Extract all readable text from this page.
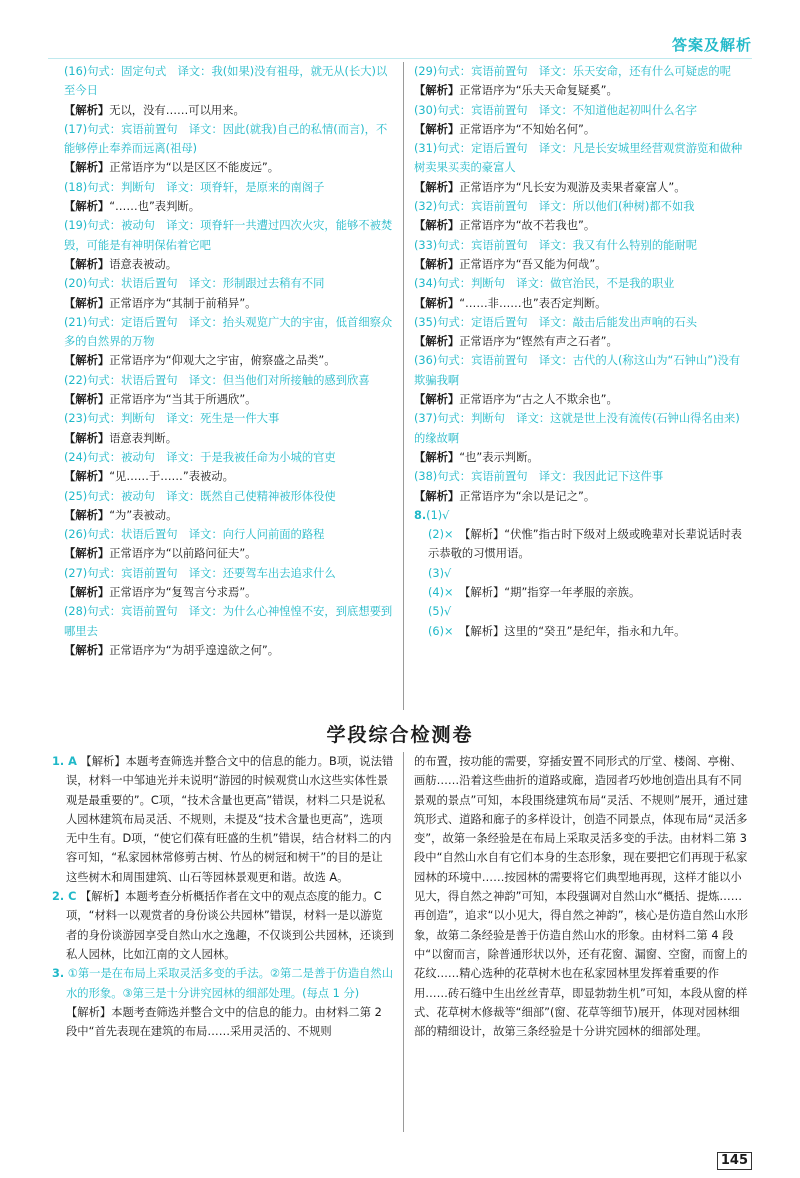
答案及解析

(16)句式：固定句式　译文：我(如果)没有祖母，就无从(长大)以至今日

【解析】无以，没有……可以用来。

(17)句式：宾语前置句　译文：因此(就我)自己的私情(而言)，不能够停止奉养而远离(祖母)

【解析】正常语序为“以是区区不能废远”。

(18)句式：判断句　译文：项脊轩，是原来的南阁子

【解析】“……也”表判断。

(19)句式：被动句　译文：项脊轩一共遭过四次火灾，能够不被焚毁，可能是有神明保佑着它吧

【解析】语意表被动。

(20)句式：状语后置句　译文：形制跟过去稍有不同

【解析】正常语序为“其制于前稍异”。

(21)句式：定语后置句　译文：抬头观览广大的宇宙，低首细察众多的自然界的万物

【解析】正常语序为“仰观大之宇宙，俯察盛之品类”。

(22)句式：状语后置句　译文：但当他们对所接触的感到欣喜

【解析】正常语序为“当其于所遇欣”。

(23)句式：判断句　译文：死生是一件大事

【解析】语意表判断。

(24)句式：被动句　译文：于是我被任命为小城的官吏

【解析】“见……于……”表被动。

(25)句式：被动句　译文：既然自己使精神被形体役使

【解析】“为”表被动。

(26)句式：状语后置句　译文：向行人问前面的路程

【解析】正常语序为“以前路问征夫”。

(27)句式：宾语前置句　译文：还要驾车出去追求什么

【解析】正常语序为“复驾言兮求焉”。

(28)句式：宾语前置句　译文：为什么心神惶惶不安，到底想要到哪里去

【解析】正常语序为“为胡乎遑遑欲之何”。

(29)句式：宾语前置句　译文：乐天安命，还有什么可疑虑的呢

【解析】正常语序为“乐夫天命复疑奚”。

(30)句式：宾语前置句　译文：不知道他起初叫什么名字

【解析】正常语序为“不知始名何”。

(31)句式：定语后置句　译文：凡是长安城里经营观赏游览和做种树卖果买卖的豪富人

【解析】正常语序为“凡长安为观游及卖果者豪富人”。

(32)句式：宾语前置句　译文：所以他们(种树)都不如我

【解析】正常语序为“故不若我也”。

(33)句式：宾语前置句　译文：我又有什么特别的能耐呢

【解析】正常语序为“吾又能为何哉”。

(34)句式：判断句　译文：做官治民，不是我的职业

【解析】“……非……也”表否定判断。

(35)句式：定语后置句　译文：敲击后能发出声响的石头

【解析】正常语序为“铿然有声之石者”。

(36)句式：宾语前置句　译文：古代的人(称这山为“石钟山”)没有欺骗我啊

【解析】正常语序为“古之人不欺余也”。

(37)句式：判断句　译文：这就是世上没有流传(石钟山得名由来)的缘故啊

【解析】“也”表示判断。

(38)句式：宾语前置句　译文：我因此记下这件事

【解析】正常语序为“余以是记之”。

8.(1)√

(2)×　【解析】“伏惟”指古时下级对上级或晚辈对长辈说话时表示恭敬的习惯用语。

(3)√

(4)×　【解析】“期”指穿一年孝服的亲族。

(5)√

(6)×　【解析】这里的“癸丑”是纪年，指永和九年。

学段综合检测卷

1. A 【解析】本题考查筛选并整合文中的信息的能力。B项，说法错误，材料一中邹迪光并未说明“游园的时候观赏山水这些实体性景观是最重要的”。C项，“技术含量也更高”错误，材料二只是说私人园林建筑布局灵活、不规则，未提及“技术含量也更高”，选项无中生有。D项，“使它们葆有旺盛的生机”错误，结合材料二的内容可知，“私家园林常修剪古树、竹丛的树冠和树干”的目的是让这些树木和周围建筑、山石等园林景观更和谐。故选 A。

2. C 【解析】本题考查分析概括作者在文中的观点态度的能力。C项，“材料一以观赏者的身份谈公共园林”错误，材料一是以游览者的身份谈游园享受自然山水之逸趣，不仅谈到公共园林，还谈到私人园林，比如江南的文人园林。

3. ①第一是在布局上采取灵活多变的手法。②第二是善于仿造自然山水的形象。③第三是十分讲究园林的细部处理。(每点 1 分)

【解析】本题考查筛选并整合文中的信息的能力。由材料二第 2 段中“首先表现在建筑的布局……采用灵活的、不规则

的布置，按功能的需要，穿插安置不同形式的厅堂、楼阁、亭榭、画舫……沿着这些曲折的道路或廊，造园者巧妙地创造出具有不同景观的景点”可知，本段围绕建筑布局“灵活、不规则”展开，通过建筑形式、道路和廊子的多样设计，创造不同景点，体现布局“灵活多变”，故第一条经验是在布局上采取灵活多变的手法。由材料二第 3 段中“自然山水自有它们本身的生态形象，现在要把它们再现于私家园林的环境中……按园林的需要将它们典型地再现，这样才能以小见大，得自然之神韵”可知，本段强调对自然山水“概括、提炼……再创造”，追求“以小见大，得自然之神韵”，核心是仿造自然山水形象，故第二条经验是善于仿造自然山水的形象。由材料二第 4 段中“以窗而言，除普通形状以外，还有花窗、漏窗、空窗，而窗上的花纹……精心选种的花草树木也在私家园林里发挥着重要的作用……砖石缝中生出丝丝青草，即显勃勃生机”可知，本段从窗的样式、花草树木修裁等“细部”(窗、花草等细节)展开，体现对园林细部的精细设计，故第三条经验是十分讲究园林的细部处理。

145
